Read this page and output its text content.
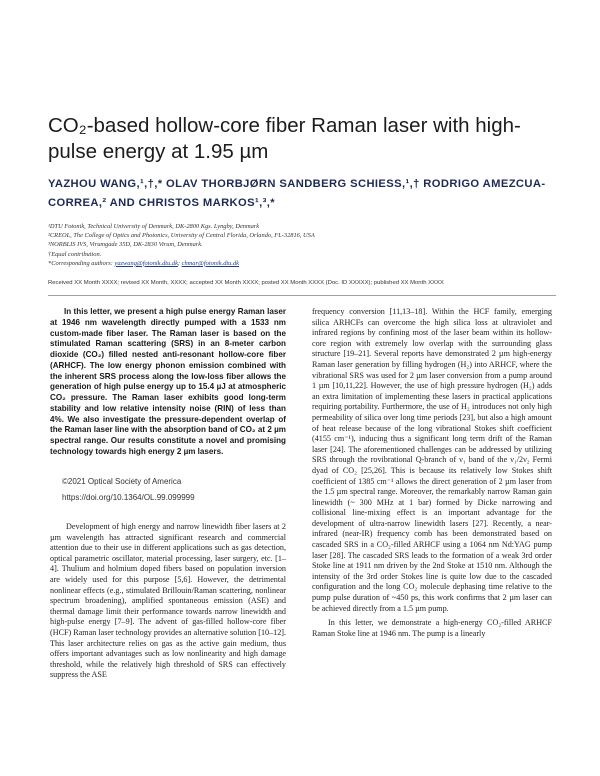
CO₂-based hollow-core fiber Raman laser with high-pulse energy at 1.95 µm
YAZHOU WANG,¹,†,* OLAV THORBJØRN SANDBERG SCHIESS,¹,† RODRIGO AMEZCUA-CORREA,² AND CHRISTOS MARKOS¹,³,*
¹DTU Fotonik, Technical University of Denmark, DK-2800 Kgs. Lyngby, Denmark
²CREOL, The College of Optics and Photonics, University of Central Florida, Orlando, FL-32816, USA
³NORBLIS IVS, Virumgade 35D, DK-2830 Virum, Denmark.
†Equal contribution.
*Corresponding authors: yazwang@fotonik.dtu.dk; chmar@fotonik.dtu.dk
Received XX Month XXXX; revised XX Month, XXXX; accepted XX Month XXXX; posted XX Month XXXX (Doc. ID XXXXX); published XX Month XXXX

In this letter, we present a high pulse energy Raman laser at 1946 nm wavelength directly pumped with a 1533 nm custom-made fiber laser. The Raman laser is based on the stimulated Raman scattering (SRS) in an 8-meter carbon dioxide (CO₂) filled nested anti-resonant hollow-core fiber (ARHCF). The low energy phonon emission combined with the inherent SRS process along the low-loss fiber allows the generation of high pulse energy up to 15.4 µJ at atmospheric CO₂ pressure. The Raman laser exhibits good long-term stability and low relative intensity noise (RIN) of less than 4%. We also investigate the pressure-dependent overlap of the Raman laser line with the absorption band of CO₂ at 2 µm spectral range. Our results constitute a novel and promising technology towards high energy 2 µm lasers.

©2021 Optical Society of America
https://doi.org/10.1364/OL.99.099999

Development of high energy and narrow linewidth fiber lasers at 2 µm wavelength has attracted significant research and commercial attention due to their use in different applications such as gas detection, optical parametric oscillator, material processing, laser surgery, etc. [1–4]. Thulium and holmium doped fibers based on population inversion are widely used for this purpose [5,6]. However, the detrimental nonlinear effects (e.g., stimulated Brillouin/Raman scattering, nonlinear spectrum broadening), amplified spontaneous emission (ASE) and thermal damage limit their performance towards narrow linewidth and high-pulse energy [7–9]. The advent of gas-filled hollow-core fiber (HCF) Raman laser technology provides an alternative solution [10–12]. This laser architecture relies on gas as the active gain medium, thus offers important advantages such as low nonlinearity and high damage threshold, while the relatively high threshold of SRS can effectively suppress the ASE

frequency conversion [11,13–18]. Within the HCF family, emerging silica ARHCFs can overcome the high silica loss at ultraviolet and infrared regions by confining most of the laser beam within its hollow-core region with extremely low overlap with the surrounding glass structure [19–21]. Several reports have demonstrated 2 µm high-energy Raman laser generation by filling hydrogen (H₂) into ARHCF, where the vibrational SRS was used for 2 µm laser conversion from a pump around 1 µm [10,11,22]. However, the use of high pressure hydrogen (H₂) adds an extra limitation of implementing these lasers in practical applications requiring portability. Furthermore, the use of H₂ introduces not only high permeability of silica over long time periods [23], but also a high amount of heat release because of the long vibrational Stokes shift coefficient (4155 cm⁻¹), inducing thus a significant long term drift of the Raman laser [24]. The aforementioned challenges can be addressed by utilizing SRS through the rovibrational Q-branch of ν₁ band of the ν₁/2ν₂ Fermi dyad of CO₂ [25,26]. This is because its relatively low Stokes shift coefficient of 1385 cm⁻¹ allows the direct generation of 2 µm laser from the 1.5 µm spectral range. Moreover, the remarkably narrow Raman gain linewidth (~ 300 MHz at 1 bar) formed by Dicke narrowing and collisional line-mixing effect is an important advantage for the development of ultra-narrow linewidth lasers [27]. Recently, a near-infrared (near-IR) frequency comb has been demonstrated based on cascaded SRS in a CO₂-filled ARHCF using a 1064 nm Nd:YAG pump laser [28]. The cascaded SRS leads to the formation of a weak 3rd order Stoke line at 1911 nm driven by the 2nd Stoke at 1510 nm. Although the intensity of the 3rd order Stokes line is quite low due to the cascaded configuration and the long CO₂ molecule dephasing time relative to the pump pulse duration of ~450 ps, this work confirms that 2 µm laser can be achieved directly from a 1.5 µm pump.

In this letter, we demonstrate a high-energy CO₂-filled ARHCF Raman Stoke line at 1946 nm. The pump is a linearly
